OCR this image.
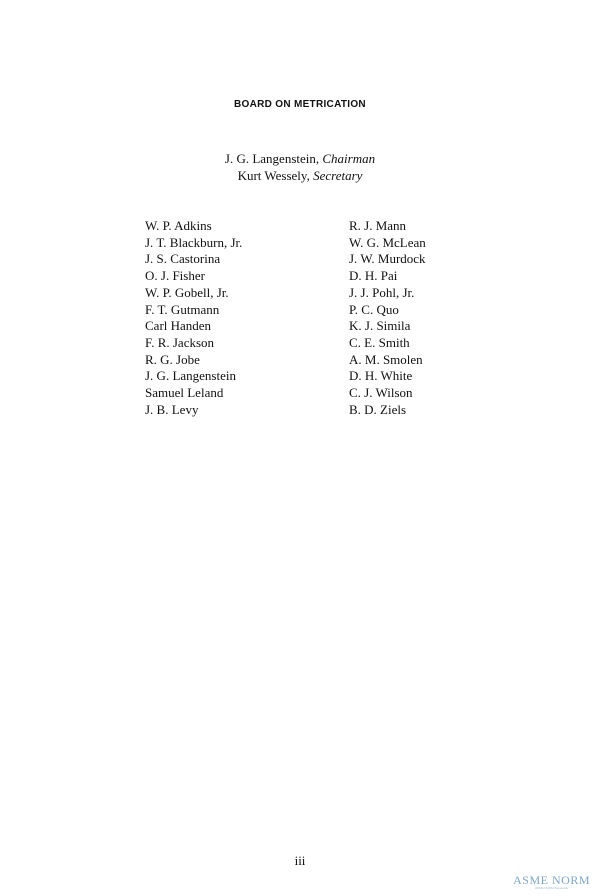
BOARD ON METRICATION
J. G. Langenstein, Chairman
Kurt Wessely, Secretary
W. P. Adkins
J. T. Blackburn, Jr.
J. S. Castorina
O. J. Fisher
W. P. Gobell, Jr.
F. T. Gutmann
Carl Handen
F. R. Jackson
R. G. Jobe
J. G. Langenstein
Samuel Leland
J. B. Levy
R. J. Mann
W. G. McLean
J. W. Murdock
D. H. Pai
J. J. Pohl, Jr.
P. C. Quo
K. J. Simila
C. E. Smith
A. M. Smolen
D. H. White
C. J. Wilson
B. D. Ziels
iii
ASME NORM
ASME NORM Standards
